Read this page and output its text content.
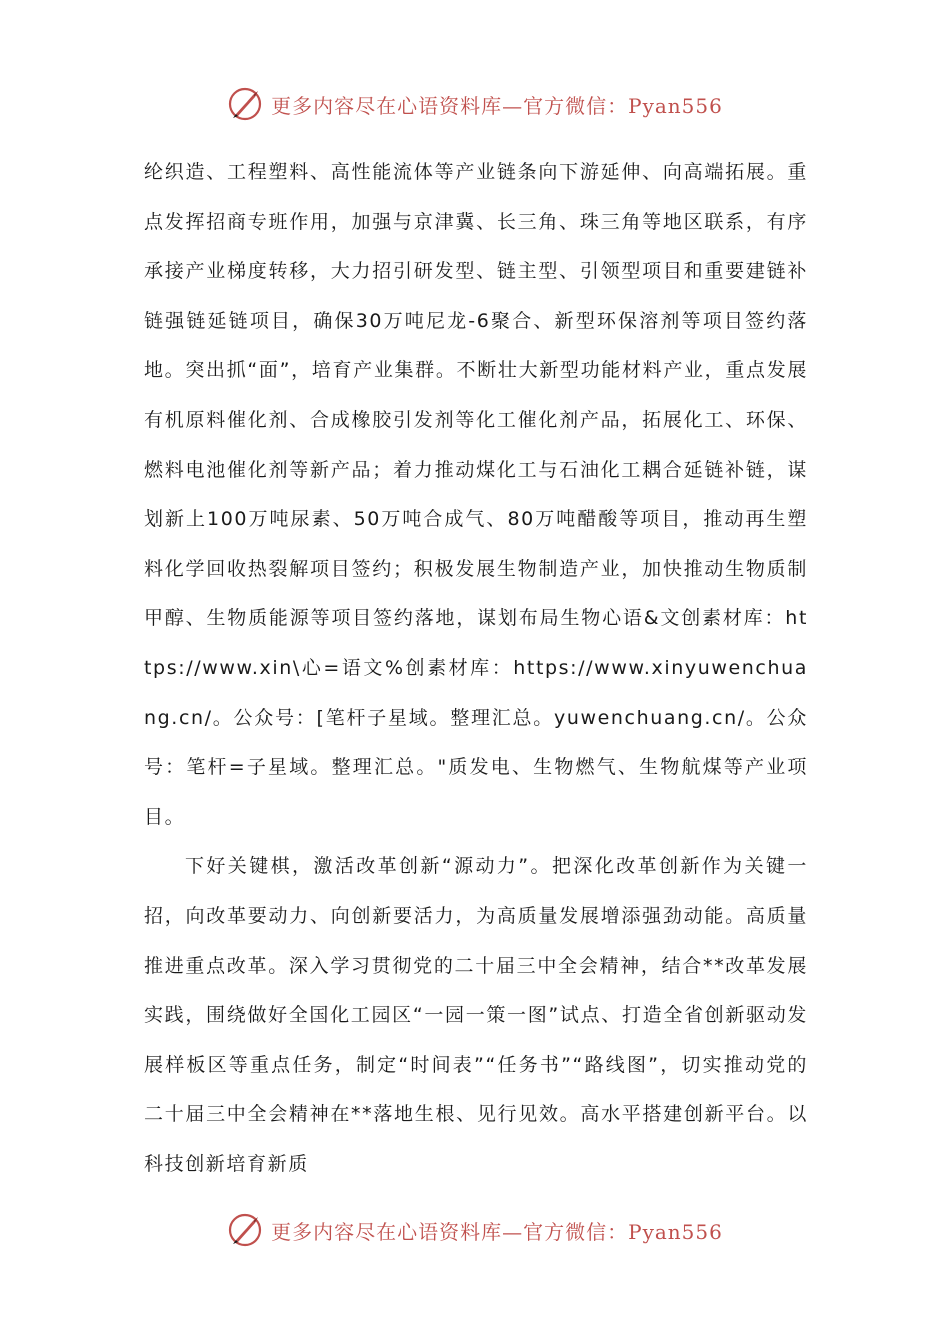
更多内容尽在心语资料库—官方微信：Pyan556

纶织造、工程塑料、高性能流体等产业链条向下游延伸、向高端拓展。重点发挥招商专班作用，加强与京津冀、长三角、珠三角等地区联系，有序承接产业梯度转移，大力招引研发型、链主型、引领型项目和重要建链补链强链延链项目，确保30万吨尼龙-6聚合、新型环保溶剂等项目签约落地。突出抓“面”，培育产业集群。不断壮大新型功能材料产业，重点发展有机原料催化剂、合成橡胶引发剂等化工催化剂产品，拓展化工、环保、燃料电池催化剂等新产品；着力推动煤化工与石油化工耦合延链补链，谋划新上100万吨尿素、50万吨合成气、80万吨醋酸等项目，推动再生塑料化学回收热裂解项目签约；积极发展生物制造产业，加快推动生物质制甲醇、生物质能源等项目签约落地，谋划布局生物心语&文创素材库：https://www.xin\心=语文%创素材库：https://www.xinyuwenchuang.cn/。公众号：[笔杆子星域。整理汇总。yuwenchuang.cn/。公众号：笔杆=子星域。整理汇总。"质发电、生物燃气、生物航煤等产业项目。

下好关键棋，激活改革创新“源动力”。把深化改革创新作为关键一招，向改革要动力、向创新要活力，为高质量发展增添强劲动能。高质量推进重点改革。深入学习贯彻党的二十届三中全会精神，结合**改革发展实践，围绕做好全国化工园区“一园一策一图”试点、打造全省创新驱动发展样板区等重点任务，制定“时间表”“任务书”“路线图”，切实推动党的二十届三中全会精神在**落地生根、见行见效。高水平搭建创新平台。以科技创新培育新质

更多内容尽在心语资料库—官方微信：Pyan556
